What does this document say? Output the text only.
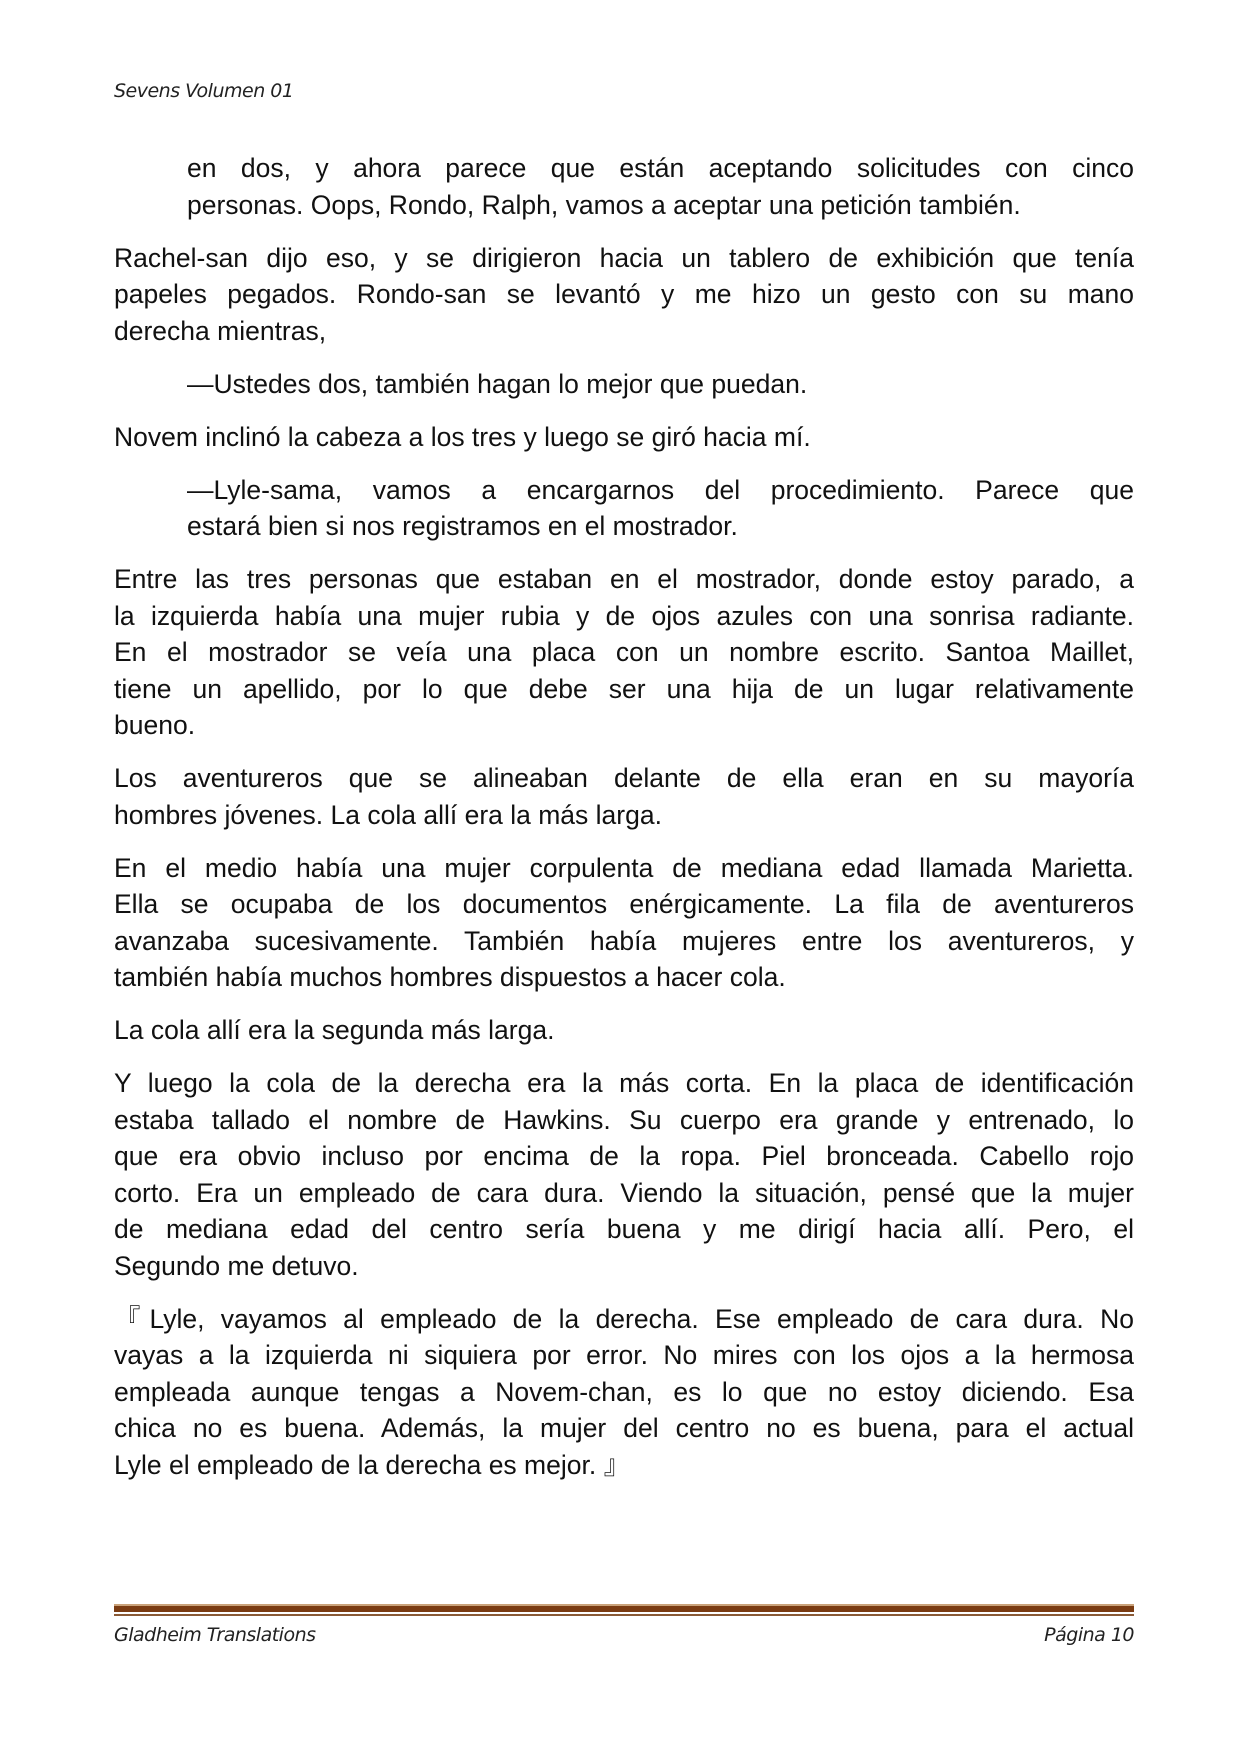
Sevens Volumen 01
en dos, y ahora parece que están aceptando solicitudes con cinco
personas. Oops, Rondo, Ralph, vamos a aceptar una petición también.
Rachel-san dijo eso, y se dirigieron hacia un tablero de exhibición que tenía
papeles pegados. Rondo-san se levantó y me hizo un gesto con su mano
derecha mientras,
—Ustedes dos, también hagan lo mejor que puedan.
Novem inclinó la cabeza a los tres y luego se giró hacia mí.
—Lyle-sama, vamos a encargarnos del procedimiento. Parece que
estará bien si nos registramos en el mostrador.
Entre las tres personas que estaban en el mostrador, donde estoy parado, a
la izquierda había una mujer rubia y de ojos azules con una sonrisa radiante.
En el mostrador se veía una placa con un nombre escrito. Santoa Maillet,
tiene un apellido, por lo que debe ser una hija de un lugar relativamente
bueno.
Los aventureros que se alineaban delante de ella eran en su mayoría
hombres jóvenes. La cola allí era la más larga.
En el medio había una mujer corpulenta de mediana edad llamada Marietta.
Ella se ocupaba de los documentos enérgicamente. La fila de aventureros
avanzaba sucesivamente. También había mujeres entre los aventureros, y
también había muchos hombres dispuestos a hacer cola.
La cola allí era la segunda más larga.
Y luego la cola de la derecha era la más corta. En la placa de identificación
estaba tallado el nombre de Hawkins. Su cuerpo era grande y entrenado, lo
que era obvio incluso por encima de la ropa. Piel bronceada. Cabello rojo
corto. Era un empleado de cara dura. Viendo la situación, pensé que la mujer
de mediana edad del centro sería buena y me dirigí hacia allí. Pero, el
Segundo me detuvo.
『Lyle, vayamos al empleado de la derecha. Ese empleado de cara dura. No
vayas a la izquierda ni siquiera por error. No mires con los ojos a la hermosa
empleada aunque tengas a Novem-chan, es lo que no estoy diciendo. Esa
chica no es buena. Además, la mujer del centro no es buena, para el actual
Lyle el empleado de la derecha es mejor. 』
Gladheim Translations	Página 10
